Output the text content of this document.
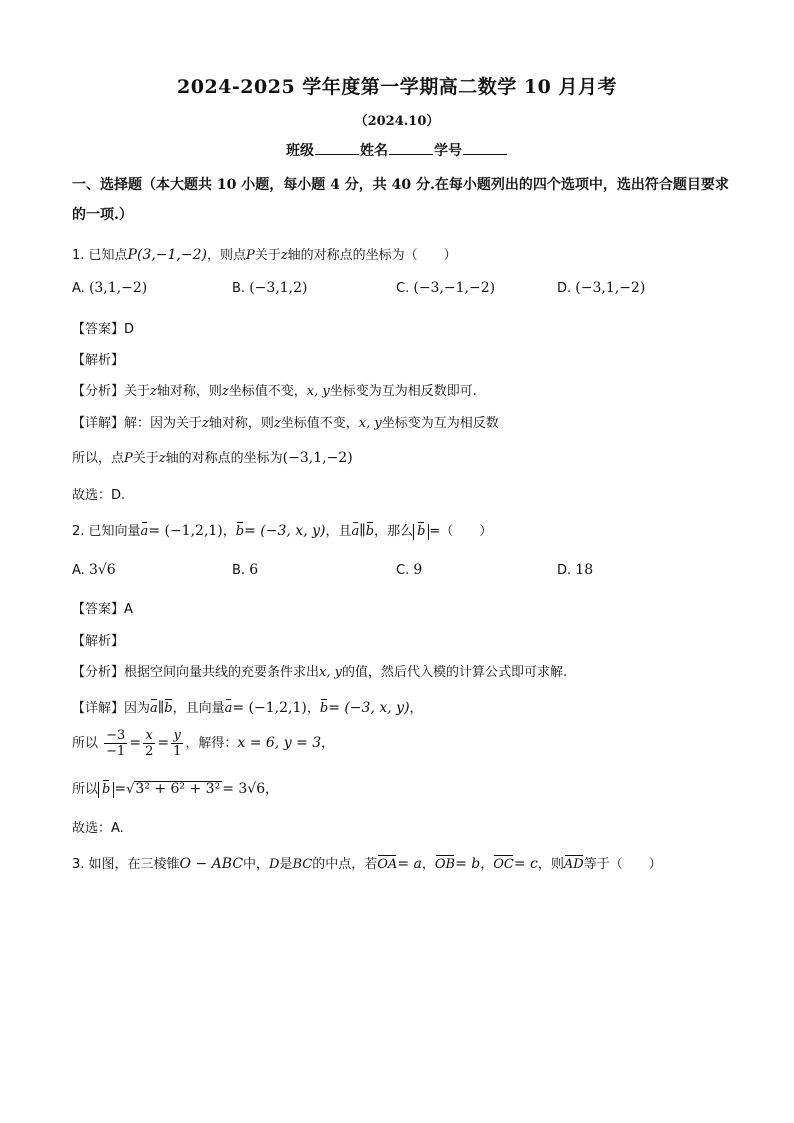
2024-2025 学年度第一学期高二数学 10 月月考
（2024.10）
班级	姓名	学号
一、选择题（本大题共 10 小题，每小题 4 分，共 40 分.在每小题列出的四个选项中，选出符合题目要求的一项.）
1. 已知点P(3,−1,−2)，则点P关于z轴的对称点的坐标为（　　）
A. (3,1,−2)	B. (−3,1,2)	C. (−3,−1,−2)	D. (−3,1,−2)
【答案】D
【解析】
【分析】关于z轴对称，则z坐标值不变，x, y坐标变为互为相反数即可.
【详解】解：因为关于z轴对称，则z坐标值不变，x, y坐标变为互为相反数
所以，点P关于z轴的对称点的坐标为(−3,1,−2)
故选：D.
2. 已知向量a= (−1,2,1)，b= (−3, x, y)，且a∥b，那么 b =（　　）
A. 3√6	B. 6	C. 9	D. 18
【答案】A
【解析】
【分析】根据空间向量共线的充要条件求出x, y的值，然后代入模的计算公式即可求解.
【详解】因为a∥b，且向量a= (−1,2,1)，b= (−3, x, y)，
所以 $\frac{-3}{-1} = \frac{x}{2} = \frac{y}{1}$ ，解得：x = 6, y = 3，
所以 b =√3² + 6² + 3² = 3√6，
故选：A.
3. 如图，在三棱锥O − ABC中，D是BC的中点，若OA= a，OB= b，OC= c，则AD等于（　　）
